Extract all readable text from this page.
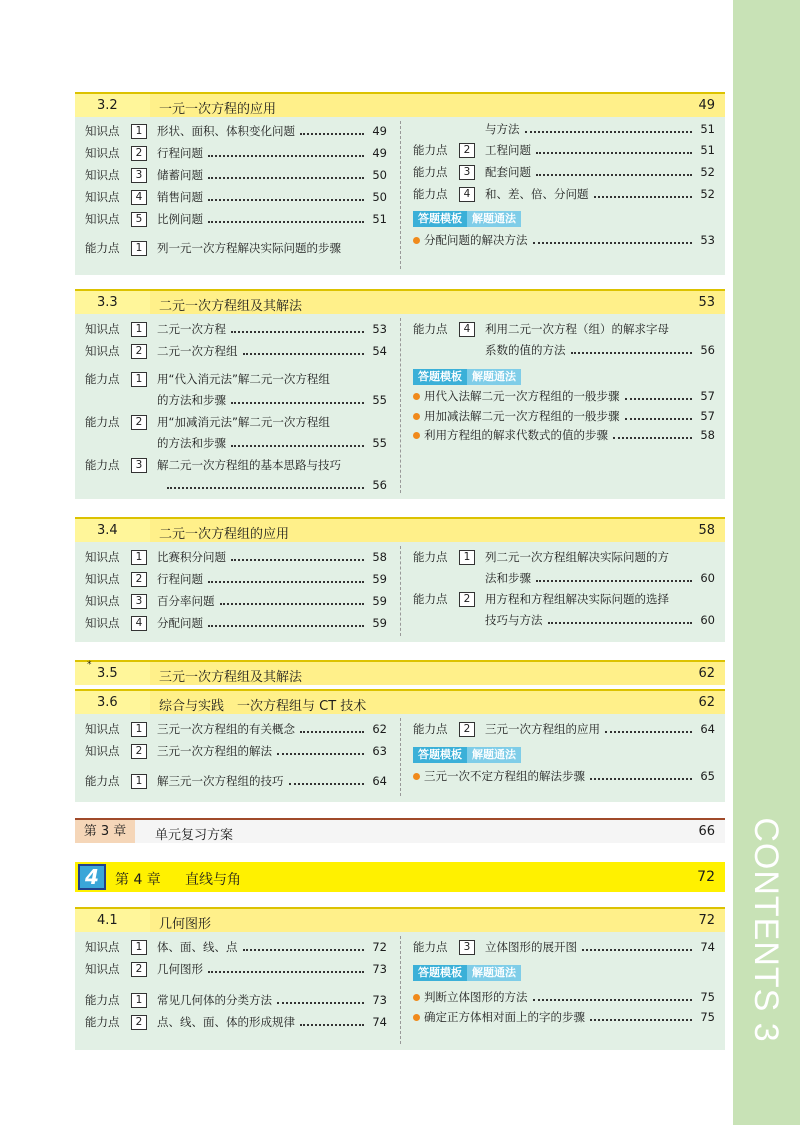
CONTENTS 3
3.2	一元一次方程的应用	49
知识点	1	形状、面积、体积变化问题	49
知识点	2	行程问题	49
知识点	3	储蓄问题	50
知识点	4	销售问题	50
知识点	5	比例问题	51
能力点	1	列一元一次方程解决实际问题的步骤
与方法	51
能力点	2	工程问题	51
能力点	3	配套问题	52
能力点	4	和、差、倍、分问题	52
答题模板 解题通法
分配问题的解决方法	53
3.3	二元一次方程组及其解法	53
知识点	1	二元一次方程	53
知识点	2	二元一次方程组	54
能力点	1	用“代入消元法”解二元一次方程组
的方法和步骤	55
能力点	2	用“加减消元法”解二元一次方程组
的方法和步骤	55
能力点	3	解二元一次方程组的基本思路与技巧
56
能力点	4	利用二元一次方程（组）的解求字母
系数的值的方法	56
答题模板 解题通法
用代入法解二元一次方程组的一般步骤	57
用加减法解二元一次方程组的一般步骤	57
利用方程组的解求代数式的值的步骤	58
3.4	二元一次方程组的应用	58
知识点	1	比赛积分问题	58
知识点	2	行程问题	59
知识点	3	百分率问题	59
知识点	4	分配问题	59
能力点	1	列二元一次方程组解决实际问题的方
法和步骤	60
能力点	2	用方程和方程组解决实际问题的选择
技巧与方法	60
*
3.5	三元一次方程组及其解法	62
3.6	综合与实践　一次方程组与 CT 技术	62
知识点	1	三元一次方程组的有关概念	62
知识点	2	三元一次方程组的解法	63
能力点	1	解三元一次方程组的技巧	64
能力点	2	三元一次方程组的应用	64
答题模板 解题通法
三元一次不定方程组的解法步骤	65
第 3 章	单元复习方案	66
4	第 4 章 直线与角	72
4.1	几何图形	72
知识点	1	体、面、线、点	72
知识点	2	几何图形	73
能力点	1	常见几何体的分类方法	73
能力点	2	点、线、面、体的形成规律	74
能力点	3	立体图形的展开图	74
答题模板 解题通法
判断立体图形的方法	75
确定正方体相对面上的字的步骤	75
